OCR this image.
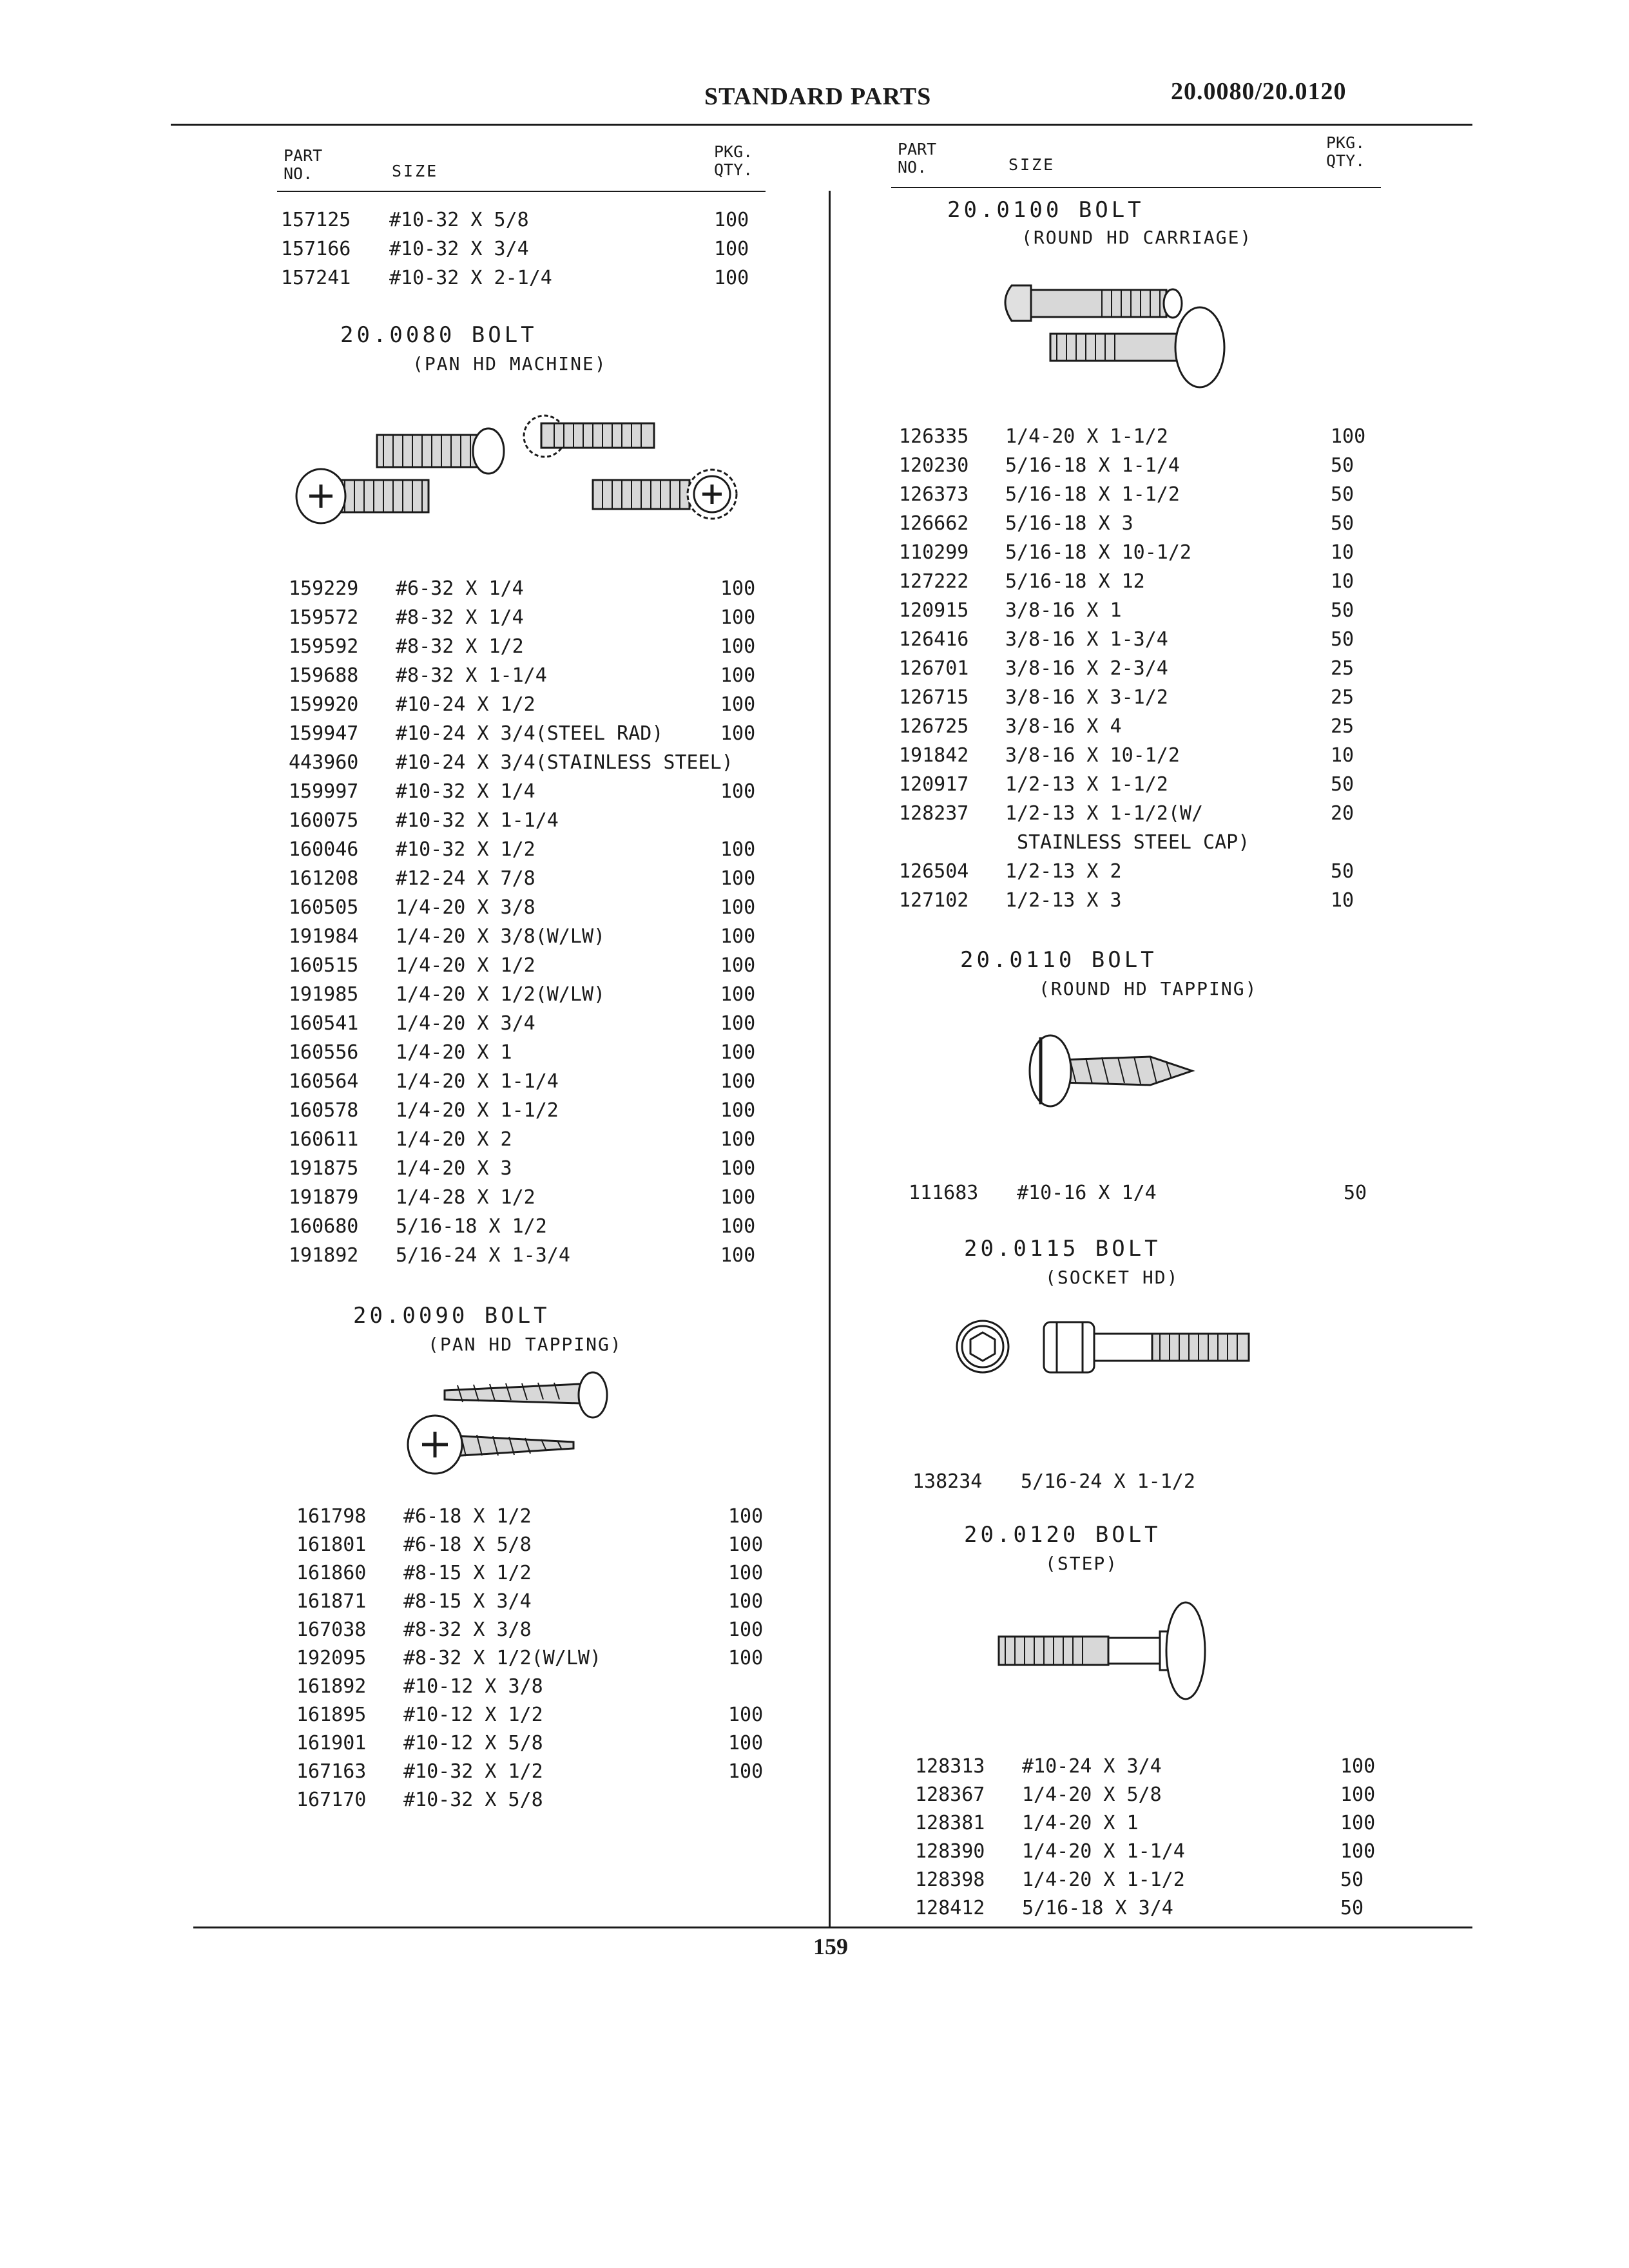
STANDARD PARTS	20.0080/20.0120
PART
NO.	SIZE
PKG.
QTY.
PART
NO.	SIZE
PKG.
QTY.
157125 #10-32 X 5/8	100
157166 #10-32 X 3/4	100
157241 #10-32 X 2-1/4	100
20.0080 BOLT
(PAN HD MACHINE)
20.0090 BOLT
(PAN HD TAPPING)
159229 #6-32 X 1/4	100
159572 #8-32 X 1/4	100
159592 #8-32 X 1/2	100
159688 #8-32 X 1-1/4	100
159920 #10-24 X 1/2	100
159947 #10-24 X 3/4(STEEL RAD)	100
443960 #10-24 X 3/4(STAINLESS STEEL)
159997 #10-32 X 1/4	100
160075 #10-32 X 1-1/4
160046 #10-32 X 1/2	100
161208 #12-24 X 7/8	100
160505 1/4-20 X 3/8	100
191984 1/4-20 X 3/8(W/LW)	100
160515 1/4-20 X 1/2	100
191985 1/4-20 X 1/2(W/LW)	100
160541 1/4-20 X 3/4	100
160556 1/4-20 X 1	100
160564 1/4-20 X 1-1/4	100
160578 1/4-20 X 1-1/2	100
160611 1/4-20 X 2	100
191875 1/4-20 X 3	100
191879 1/4-28 X 1/2	100
160680 5/16-18 X 1/2	100
191892 5/16-24 X 1-3/4	100
161798 #6-18 X 1/2	100
161801 #6-18 X 5/8	100
161860 #8-15 X 1/2	100
161871 #8-15 X 3/4	100
167038 #8-32 X 3/8	100
192095 #8-32 X 1/2(W/LW)	100
161892 #10-12 X 3/8
161895 #10-12 X 1/2	100
161901 #10-12 X 5/8	100
167163 #10-32 X 1/2	100
167170 #10-32 X 5/8
20.0100 BOLT
(ROUND HD CARRIAGE)
126335 1/4-20 X 1-1/2	100
120230 5/16-18 X 1-1/4	50
126373 5/16-18 X 1-1/2	50
126662 5/16-18 X 3	50
110299 5/16-18 X 10-1/2	10
127222 5/16-18 X 12	10
120915 3/8-16 X 1	50
126416 3/8-16 X 1-3/4	50
126701 3/8-16 X 2-3/4	25
126715 3/8-16 X 3-1/2	25
126725 3/8-16 X 4	25
191842 3/8-16 X 10-1/2	10
120917 1/2-13 X 1-1/2	50
128237 1/2-13 X 1-1/2(W/	20
STAINLESS STEEL CAP)
126504 1/2-13 X 2	50
127102 1/2-13 X 3	10
20.0110 BOLT
(ROUND HD TAPPING)
111683 #10-16 X 1/4	50
20.0115 BOLT
(SOCKET HD)
138234 5/16-24 X 1-1/2
20.0120 BOLT
(STEP)
128313 #10-24 X 3/4	100
128367 1/4-20 X 5/8	100
128381 1/4-20 X 1	100
128390 1/4-20 X 1-1/4	100
128398 1/4-20 X 1-1/2	50
128412 5/16-18 X 3/4	50
159
